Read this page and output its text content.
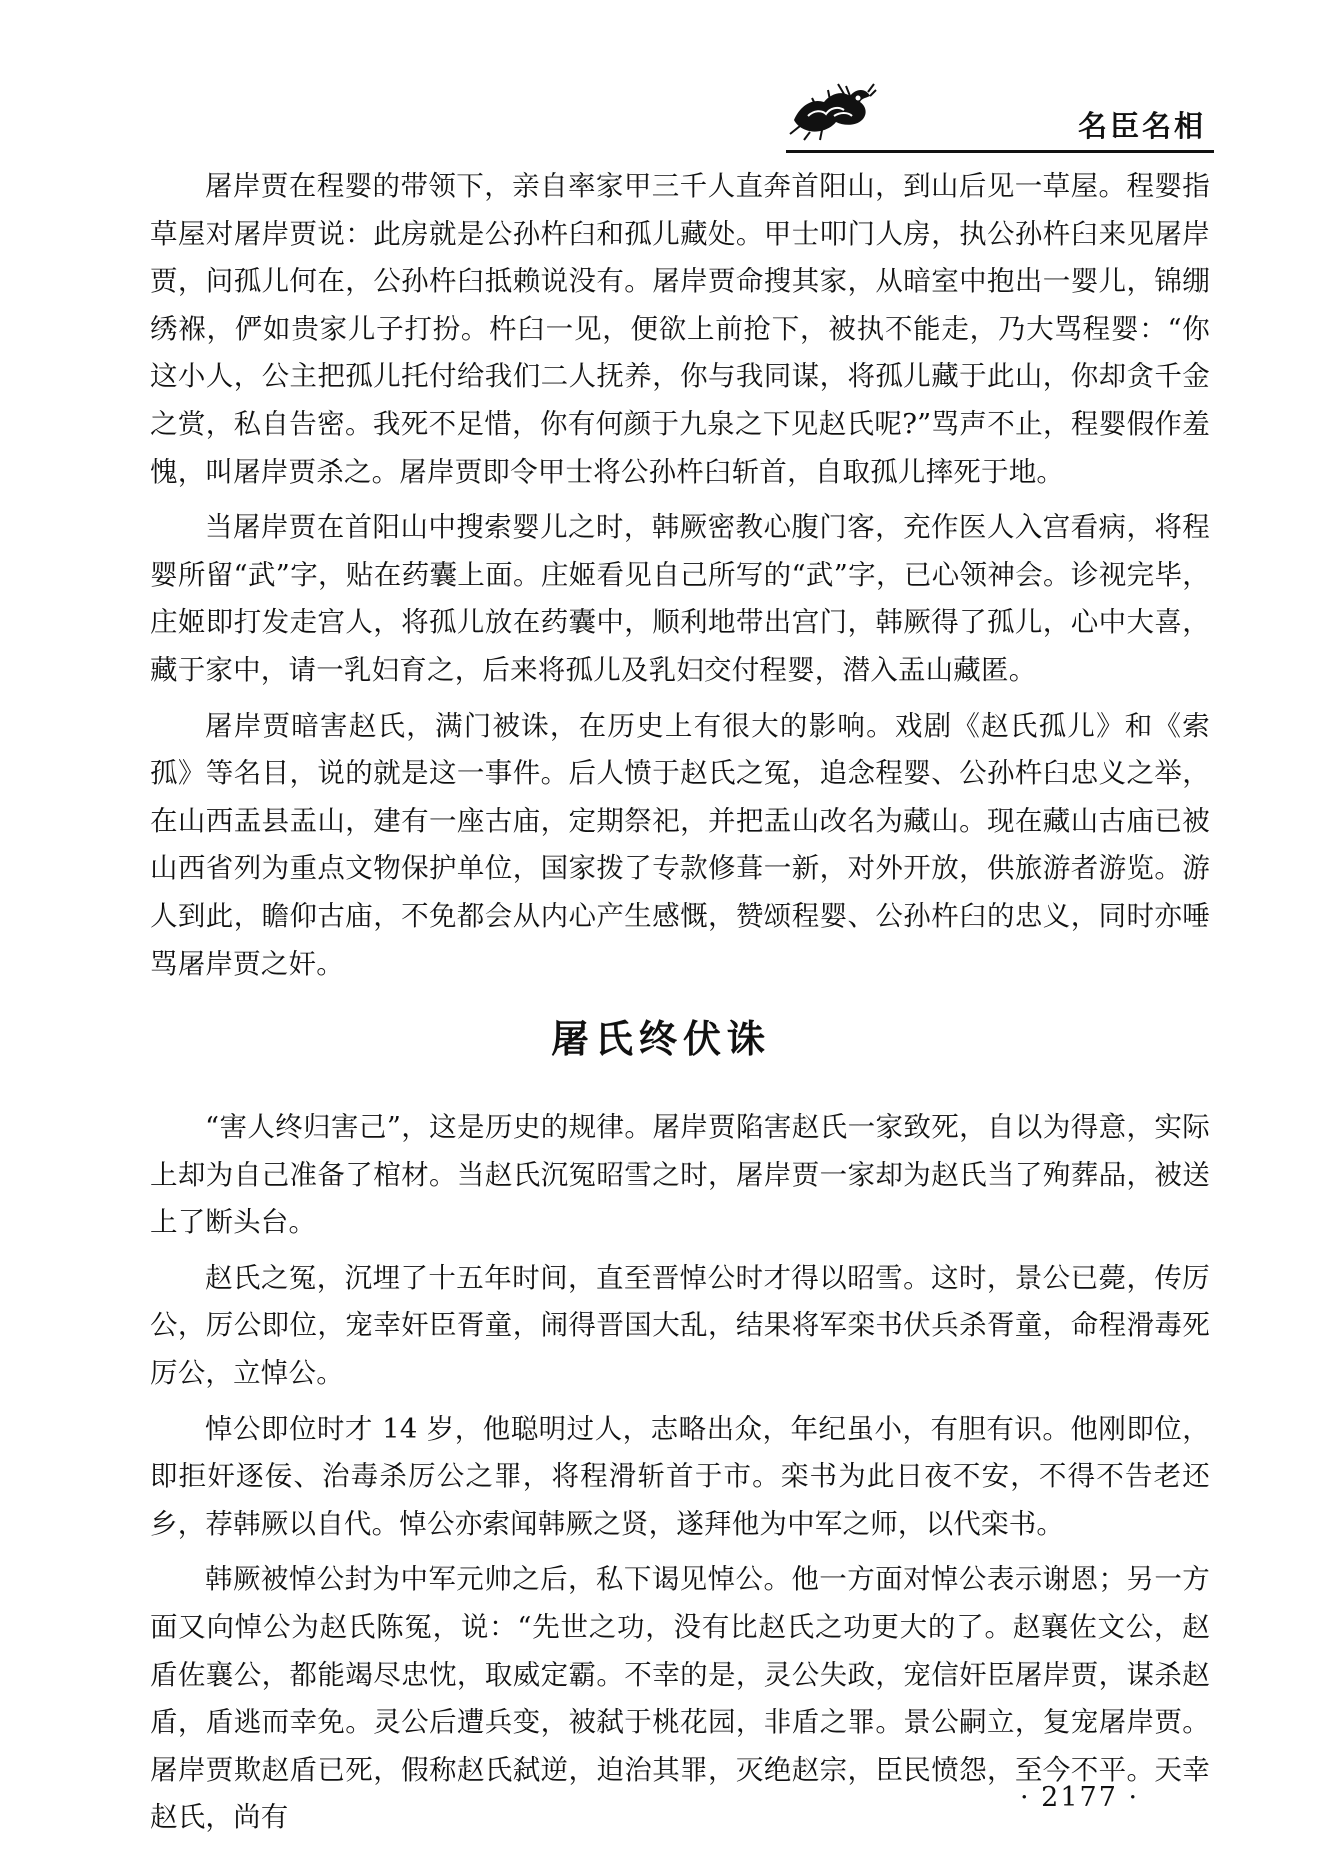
名臣名相

屠岸贾在程婴的带领下，亲自率家甲三千人直奔首阳山，到山后见一草屋。程婴指草屋对屠岸贾说：此房就是公孙杵臼和孤儿藏处。甲士叩门人房，执公孙杵臼来见屠岸贾，问孤儿何在，公孙杵臼抵赖说没有。屠岸贾命搜其家，从暗室中抱出一婴儿，锦绷绣褓，俨如贵家儿子打扮。杵臼一见，便欲上前抢下，被执不能走，乃大骂程婴：“你这小人，公主把孤儿托付给我们二人抚养，你与我同谋，将孤儿藏于此山，你却贪千金之赏，私自告密。我死不足惜，你有何颜于九泉之下见赵氏呢?”骂声不止，程婴假作羞愧，叫屠岸贾杀之。屠岸贾即令甲士将公孙杵臼斩首，自取孤儿摔死于地。

当屠岸贾在首阳山中搜索婴儿之时，韩厥密教心腹门客，充作医人入宫看病，将程婴所留“武”字，贴在药囊上面。庄姬看见自己所写的“武”字，已心领神会。诊视完毕，庄姬即打发走宫人，将孤儿放在药囊中，顺利地带出宫门，韩厥得了孤儿，心中大喜，藏于家中，请一乳妇育之，后来将孤儿及乳妇交付程婴，潜入盂山藏匿。

屠岸贾暗害赵氏，满门被诛，在历史上有很大的影响。戏剧《赵氏孤儿》和《索孤》等名目，说的就是这一事件。后人愤于赵氏之冤，追念程婴、公孙杵臼忠义之举，在山西盂县盂山，建有一座古庙，定期祭祀，并把盂山改名为藏山。现在藏山古庙已被山西省列为重点文物保护单位，国家拨了专款修葺一新，对外开放，供旅游者游览。游人到此，瞻仰古庙，不免都会从内心产生感慨，赞颂程婴、公孙杵臼的忠义，同时亦唾骂屠岸贾之奸。

屠氏终伏诛

“害人终归害己”，这是历史的规律。屠岸贾陷害赵氏一家致死，自以为得意，实际上却为自己准备了棺材。当赵氏沉冤昭雪之时，屠岸贾一家却为赵氏当了殉葬品，被送上了断头台。

赵氏之冤，沉埋了十五年时间，直至晋悼公时才得以昭雪。这时，景公已薨，传厉公，厉公即位，宠幸奸臣胥童，闹得晋国大乱，结果将军栾书伏兵杀胥童，命程滑毒死厉公，立悼公。

悼公即位时才 14 岁，他聪明过人，志略出众，年纪虽小，有胆有识。他刚即位，即拒奸逐佞、治毒杀厉公之罪，将程滑斩首于市。栾书为此日夜不安，不得不告老还乡，荐韩厥以自代。悼公亦索闻韩厥之贤，遂拜他为中军之师，以代栾书。

韩厥被悼公封为中军元帅之后，私下谒见悼公。他一方面对悼公表示谢恩；另一方面又向悼公为赵氏陈冤，说：“先世之功，没有比赵氏之功更大的了。赵襄佐文公，赵盾佐襄公，都能竭尽忠忱，取威定霸。不幸的是，灵公失政，宠信奸臣屠岸贾，谋杀赵盾，盾逃而幸免。灵公后遭兵变，被弑于桃花园，非盾之罪。景公嗣立，复宠屠岸贾。屠岸贾欺赵盾已死，假称赵氏弑逆，迫治其罪，灭绝赵宗，臣民愤怨，至今不平。天幸赵氏，尚有

· 2177 ·
